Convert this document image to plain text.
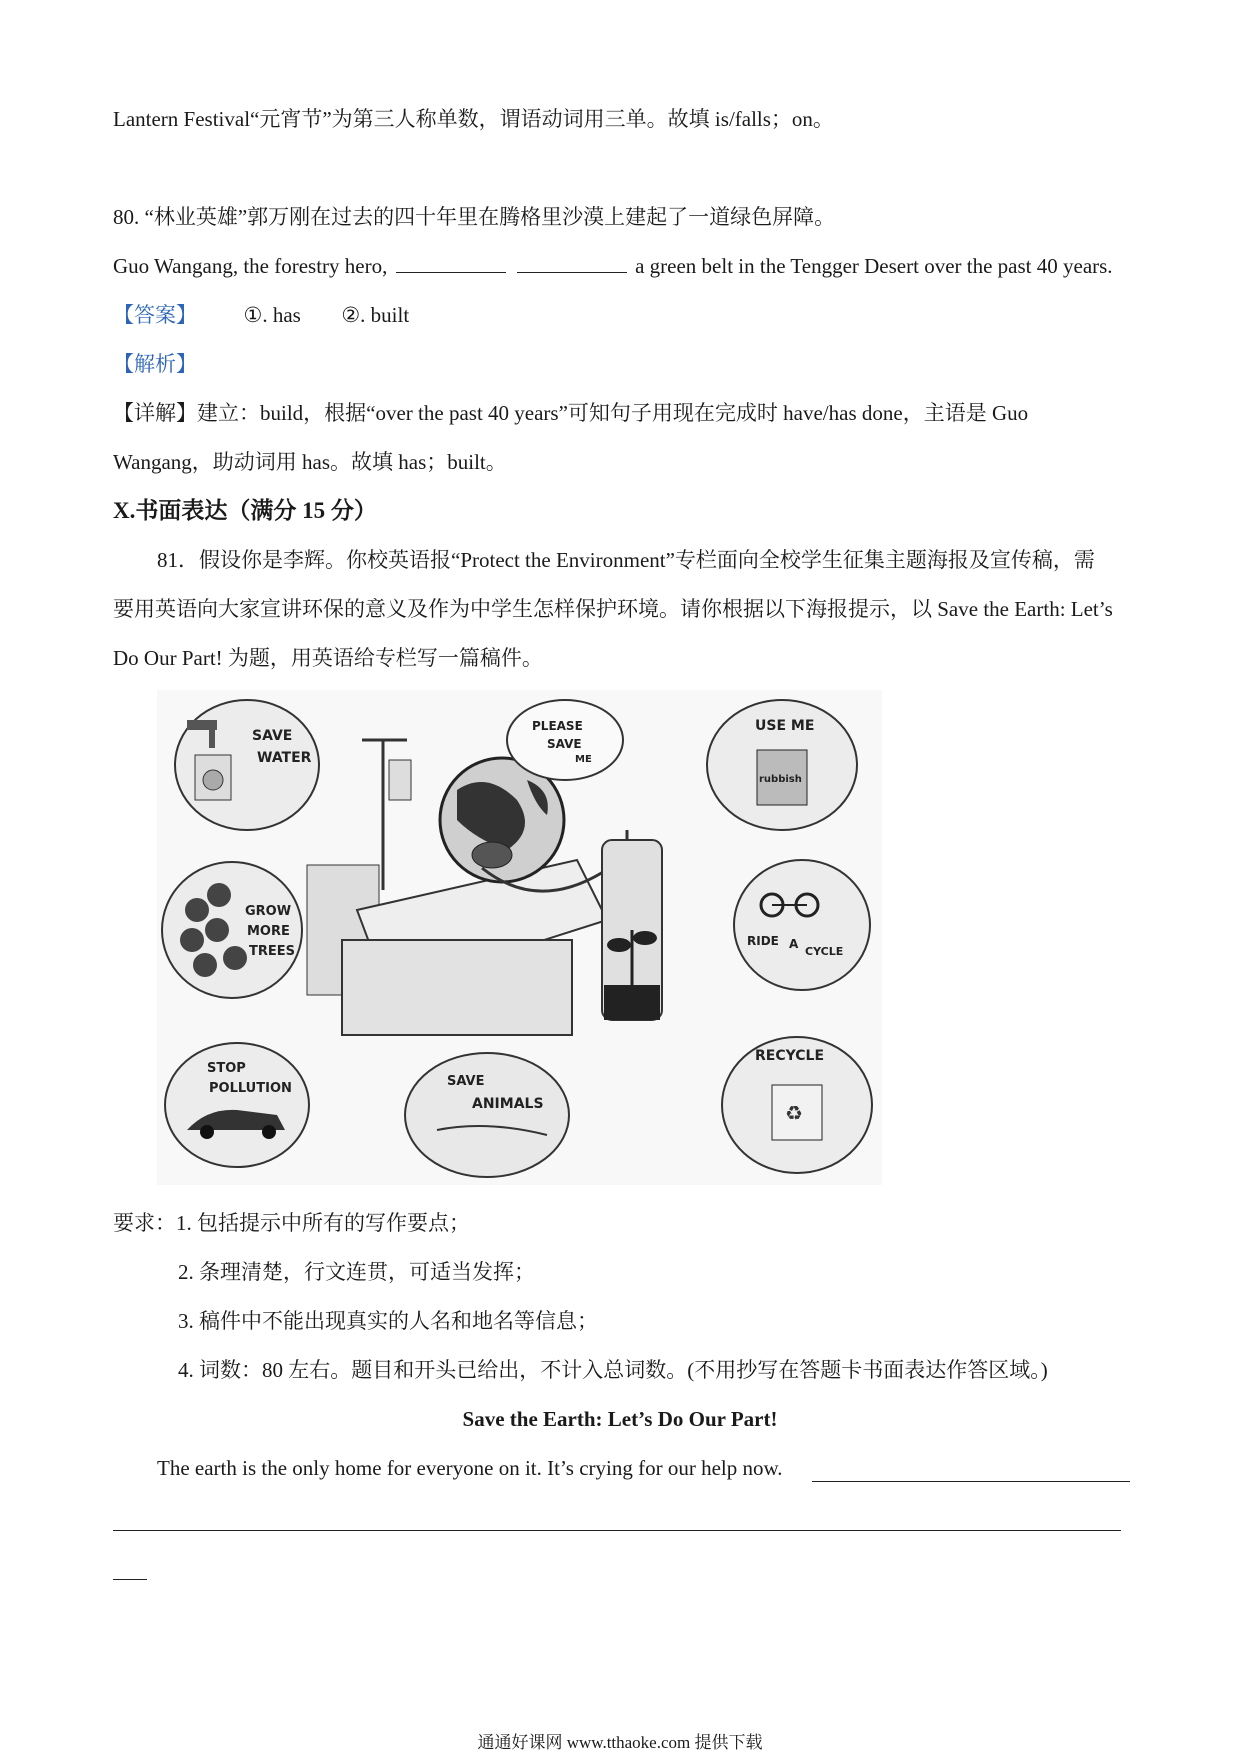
Lantern Festival“元宵节”为第三人称单数，谓语动词用三单。故填 is/falls；on。
80. “林业英雄”郭万刚在过去的四十年里在腾格里沙漠上建起了一道绿色屏障。
Guo Wangang, the forestry hero,	a green belt in the Tengger Desert over the past 40 years.
【答案】 ①. has ②. built
【解析】
【详解】建立：build，根据“over the past 40 years”可知句子用现在完成时 have/has done，主语是 Guo
Wangang，助动词用 has。故填 has；built。
X.书面表达（满分 15 分）
81．假设你是李辉。你校英语报“Protect the Environment”专栏面向全校学生征集主题海报及宣传稿，需
要用英语向大家宣讲环保的意义及作为中学生怎样保护环境。请你根据以下海报提示，以 Save the Earth: Let’s
Do Our Part! 为题，用英语给专栏写一篇稿件。
SAVE
WATER
GROW
MORE
TREES
STOP
POLLUTION	SAVE
ANIMALS
PLEASE
SAVE
ME
USE ME
rubbish
RIDE A
CYCLE
♻
RECYCLE
要求：1. 包括提示中所有的写作要点；
2. 条理清楚，行文连贯，可适当发挥；
3. 稿件中不能出现真实的人名和地名等信息；
4. 词数：80 左右。题目和开头已给出，不计入总词数。(不用抄写在答题卡书面表达作答区域。)
Save the Earth: Let’s Do Our Part!
The earth is the only home for everyone on it. It’s crying for our help now.
通通好课网 www.tthaoke.com 提供下载
